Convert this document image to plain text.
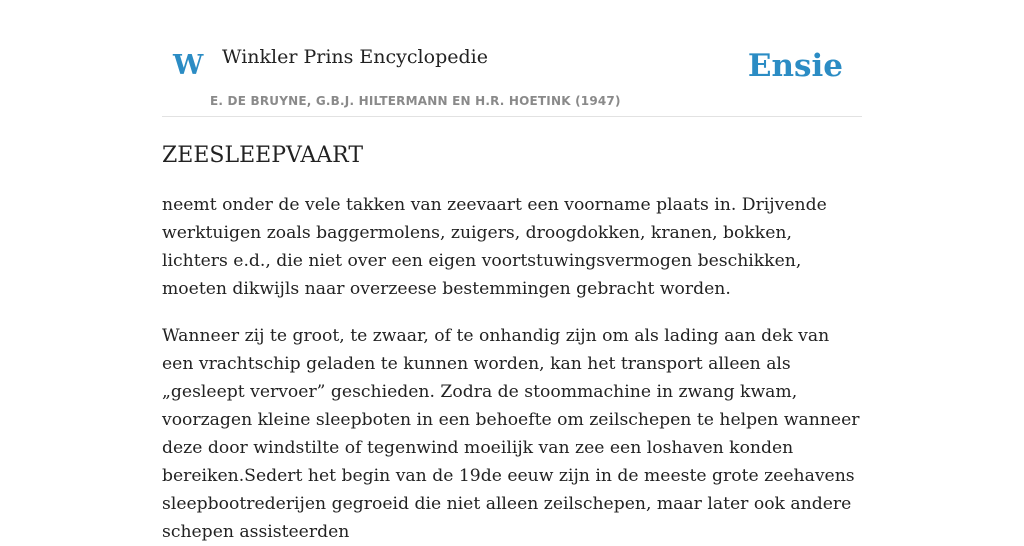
W Winkler Prins Encyclopedie
E. DE BRUYNE, G.B.J. HILTERMANN EN H.R. HOETINK (1947)
Ensie
ZEESLEEPVAART

neemt onder de vele takken van zeevaart een voorname plaats in. Drijvende werktuigen zoals baggermolens, zuigers, droogdokken, kranen, bokken, lichters e.d., die niet over een eigen voortstuwingsvermogen beschikken, moeten dikwijls naar overzeese bestemmingen gebracht worden.

Wanneer zij te groot, te zwaar, of te onhandig zijn om als lading aan dek van een vrachtschip geladen te kunnen worden, kan het transport alleen als „gesleept vervoer” geschieden. Zodra de stoommachine in zwang kwam, voorzagen kleine sleepboten in een behoefte om zeilschepen te helpen wanneer deze door windstilte of tegenwind moeilijk van zee een loshaven konden bereiken.Sedert het begin van de 19de eeuw zijn in de meeste grote zeehavens sleepbootrederijen gegroeid die niet alleen zeilschepen, maar later ook andere schepen assisteerden
